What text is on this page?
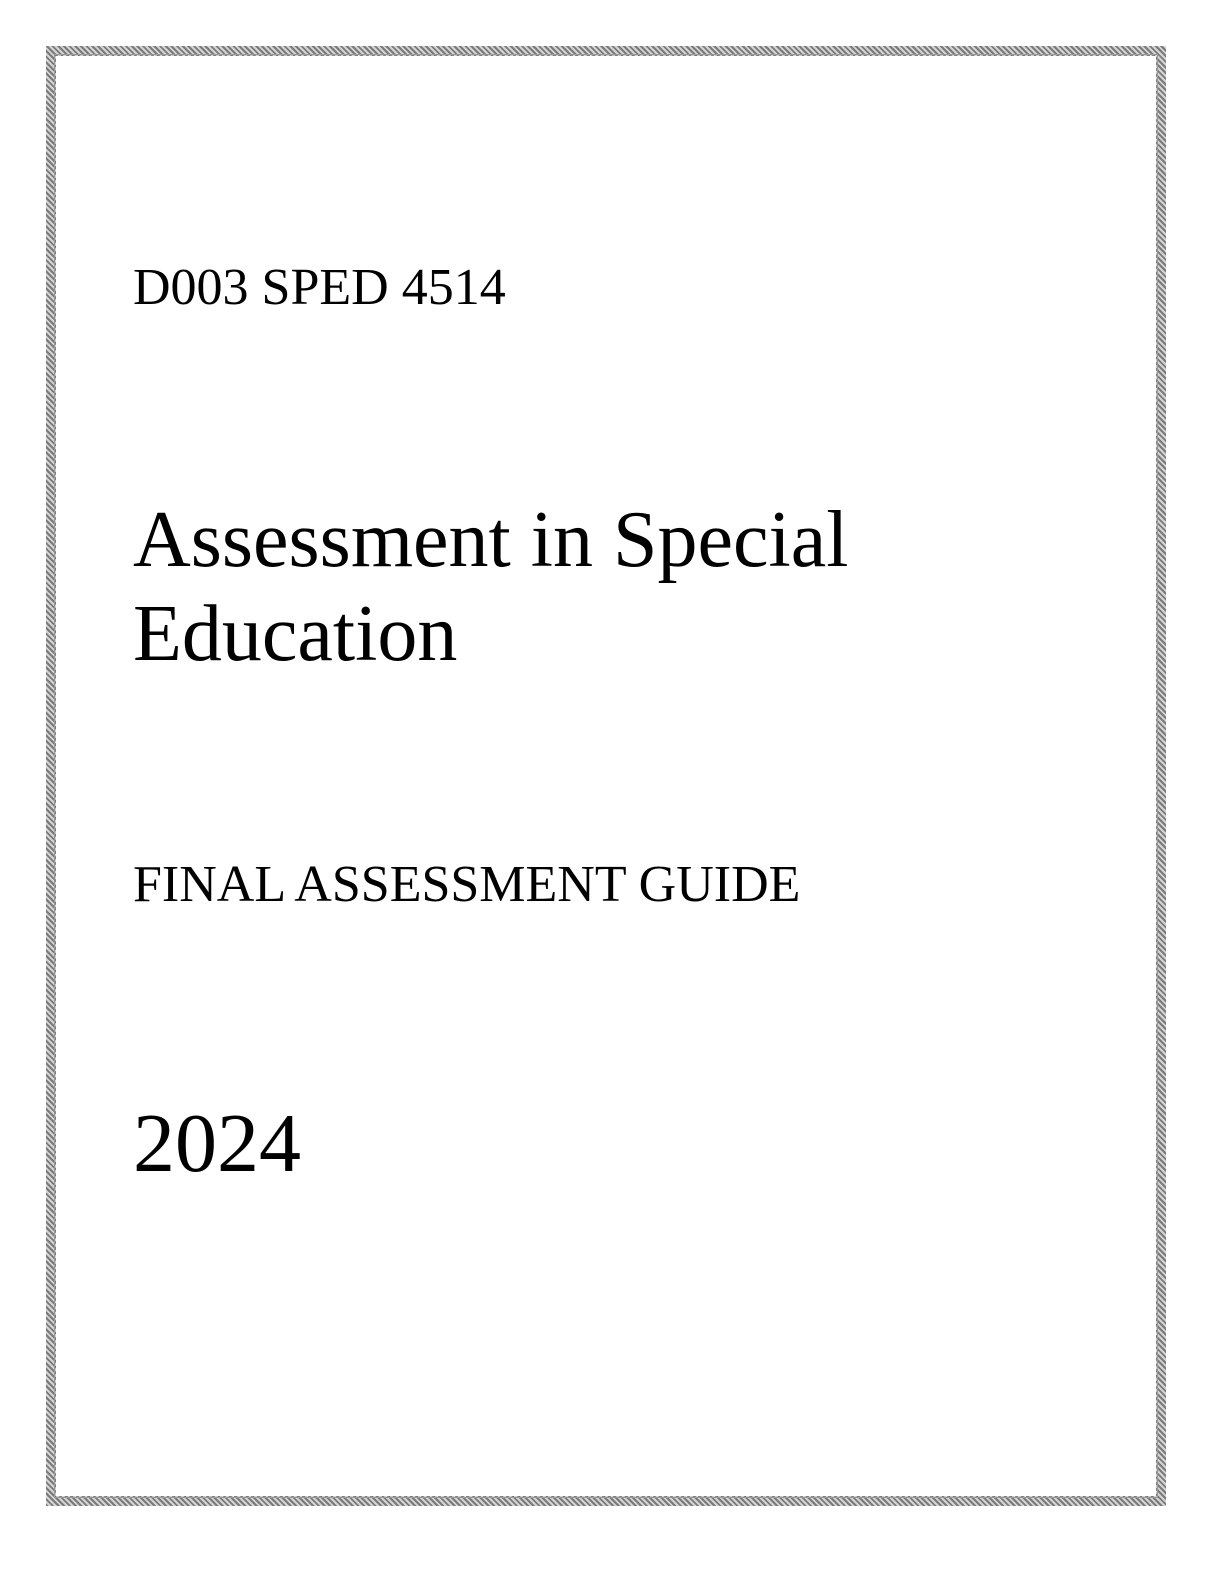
D003 SPED 4514
Assessment in Special Education
FINAL ASSESSMENT GUIDE
2024
